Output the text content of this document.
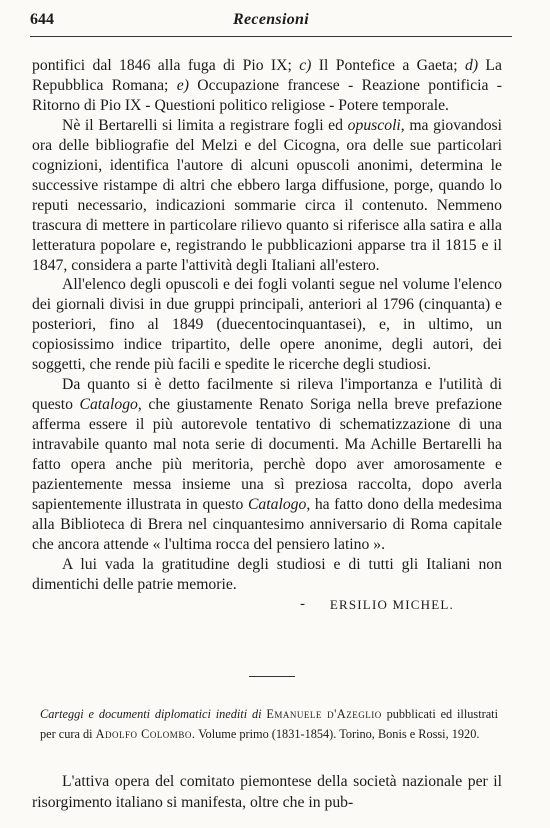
644	Recensioni

pontifici dal 1846 alla fuga di Pio IX; c) Il Pontefice a Gaeta; d) La Repubblica Romana; e) Occupazione francese - Reazione pontificia - Ritorno di Pio IX - Questioni politico religiose - Potere temporale.

Nè il Bertarelli si limita a registrare fogli ed opuscoli, ma giovandosi ora delle bibliografie del Melzi e del Cicogna, ora delle sue particolari cognizioni, identifica l'autore di alcuni opuscoli anonimi, determina le successive ristampe di altri che ebbero larga diffusione, porge, quando lo reputi necessario, indicazioni sommarie circa il contenuto. Nemmeno trascura di mettere in particolare rilievo quanto si riferisce alla satira e alla letteratura popolare e, registrando le pubblicazioni apparse tra il 1815 e il 1847, considera a parte l'attività degli Italiani all'estero.

All'elenco degli opuscoli e dei fogli volanti segue nel volume l'elenco dei giornali divisi in due gruppi principali, anteriori al 1796 (cinquanta) e posteriori, fino al 1849 (duecentocinquantasei), e, in ultimo, un copiosissimo indice tripartito, delle opere anonime, degli autori, dei soggetti, che rende più facili e spedite le ricerche degli studiosi.

Da quanto si è detto facilmente si rileva l'importanza e l'utilità di questo Catalogo, che giustamente Renato Soriga nella breve prefazione afferma essere il più autorevole tentativo di schematizzazione di una intravabile quanto mal nota serie di documenti. Ma Achille Bertarelli ha fatto opera anche più meritoria, perchè dopo aver amorosamente e pazientemente messa insieme una sì preziosa raccolta, dopo averla sapientemente illustrata in questo Catalogo, ha fatto dono della medesima alla Biblioteca di Brera nel cinquantesimo anniversario di Roma capitale che ancora attende « l'ultima rocca del pensiero latino ».

A lui vada la gratitudine degli studiosi e di tutti gli Italiani non dimentichi delle patrie memorie.

- ERSILIO MICHEL.
Carteggi e documenti diplomatici inediti di Emanuele d'Azeglio pubblicati ed illustrati per cura di Adolfo Colombo. Volume primo (1831-1854). Torino, Bonis e Rossi, 1920.

L'attiva opera del comitato piemontese della società nazionale per il risorgimento italiano si manifesta, oltre che in pub-
